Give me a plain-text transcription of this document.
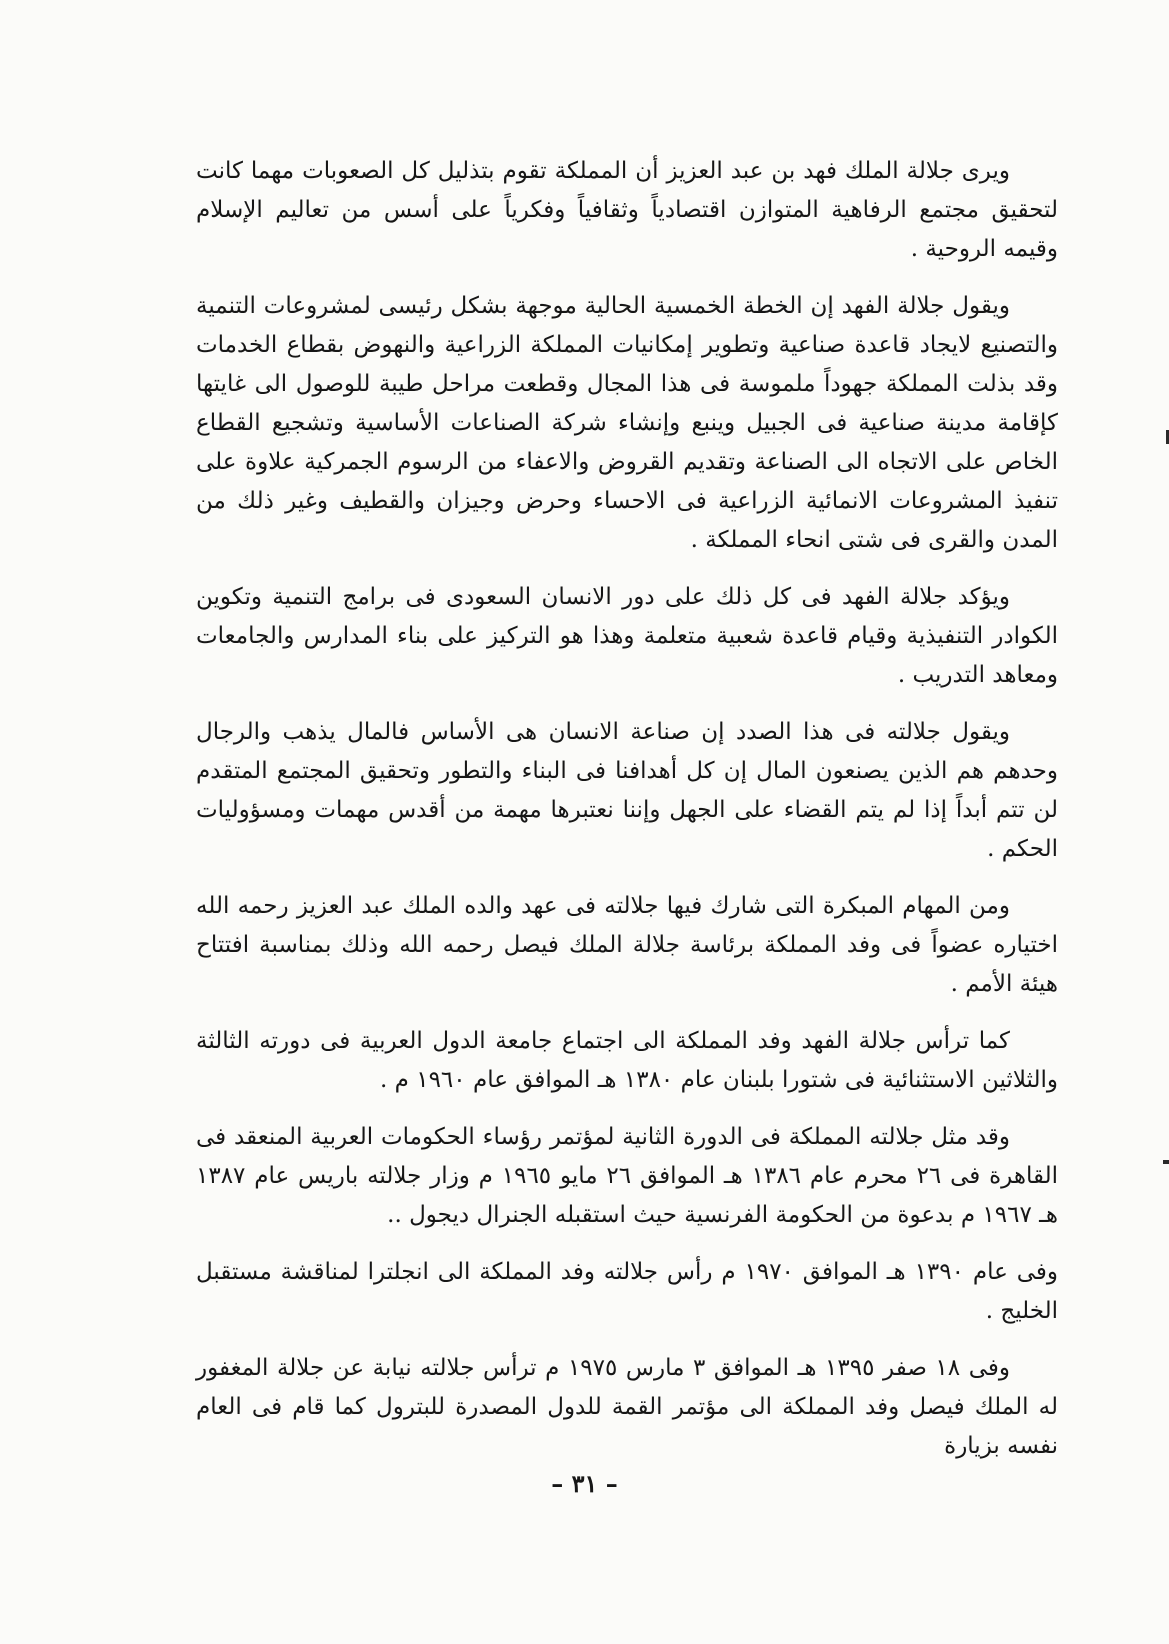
ويرى جلالة الملك فهد بن عبد العزيز أن المملكة تقوم بتذليل كل الصعوبات مهما كانت لتحقيق مجتمع الرفاهية المتوازن اقتصادياً وثقافياً وفكرياً على أسس من تعاليم الإسلام وقيمه الروحية .

ويقول جلالة الفهد إن الخطة الخمسية الحالية موجهة بشكل رئيسى لمشروعات التنمية والتصنيع لايجاد قاعدة صناعية وتطوير إمكانيات المملكة الزراعية والنهوض بقطاع الخدمات وقد بذلت المملكة جهوداً ملموسة فى هذا المجال وقطعت مراحل طيبة للوصول الى غايتها كإقامة مدينة صناعية فى الجبيل وينبع وإنشاء شركة الصناعات الأساسية وتشجيع القطاع الخاص على الاتجاه الى الصناعة وتقديم القروض والاعفاء من الرسوم الجمركية علاوة على تنفيذ المشروعات الانمائية الزراعية فى الاحساء وحرض وجيزان والقطيف وغير ذلك من المدن والقرى فى شتى انحاء المملكة .

ويؤكد جلالة الفهد فى كل ذلك على دور الانسان السعودى فى برامج التنمية وتكوين الكوادر التنفيذية وقيام قاعدة شعبية متعلمة وهذا هو التركيز على بناء المدارس والجامعات ومعاهد التدريب .

ويقول جلالته فى هذا الصدد إن صناعة الانسان هى الأساس فالمال يذهب والرجال وحدهم هم الذين يصنعون المال إن كل أهدافنا فى البناء والتطور وتحقيق المجتمع المتقدم لن تتم أبداً إذا لم يتم القضاء على الجهل وإننا نعتبرها مهمة من أقدس مهمات ومسؤوليات الحكم .

ومن المهام المبكرة التى شارك فيها جلالته فى عهد والده الملك عبد العزيز رحمه الله اختياره عضواً فى وفد المملكة برئاسة جلالة الملك فيصل رحمه الله وذلك بمناسبة افتتاح هيئة الأمم .

كما ترأس جلالة الفهد وفد المملكة الى اجتماع جامعة الدول العربية فى دورته الثالثة والثلاثين الاستثنائية فى شتورا بلبنان عام ١٣٨٠ هـ الموافق عام ١٩٦٠ م .

وقد مثل جلالته المملكة فى الدورة الثانية لمؤتمر رؤساء الحكومات العربية المنعقد فى القاهرة فى ٢٦ محرم عام ١٣٨٦ هـ الموافق ٢٦ مايو ١٩٦٥ م وزار جلالته باريس عام ١٣٨٧ هـ ١٩٦٧ م بدعوة من الحكومة الفرنسية حيث استقبله الجنرال ديجول ..

وفى عام ١٣٩٠ هـ الموافق ١٩٧٠ م رأس جلالته وفد المملكة الى انجلترا لمناقشة مستقبل الخليج .

وفى ١٨ صفر ١٣٩٥ هـ الموافق ٣ مارس ١٩٧٥ م ترأس جلالته نيابة عن جلالة المغفور له الملك فيصل وفد المملكة الى مؤتمر القمة للدول المصدرة للبترول كما قام فى العام نفسه بزيارة

– ٣١ –
